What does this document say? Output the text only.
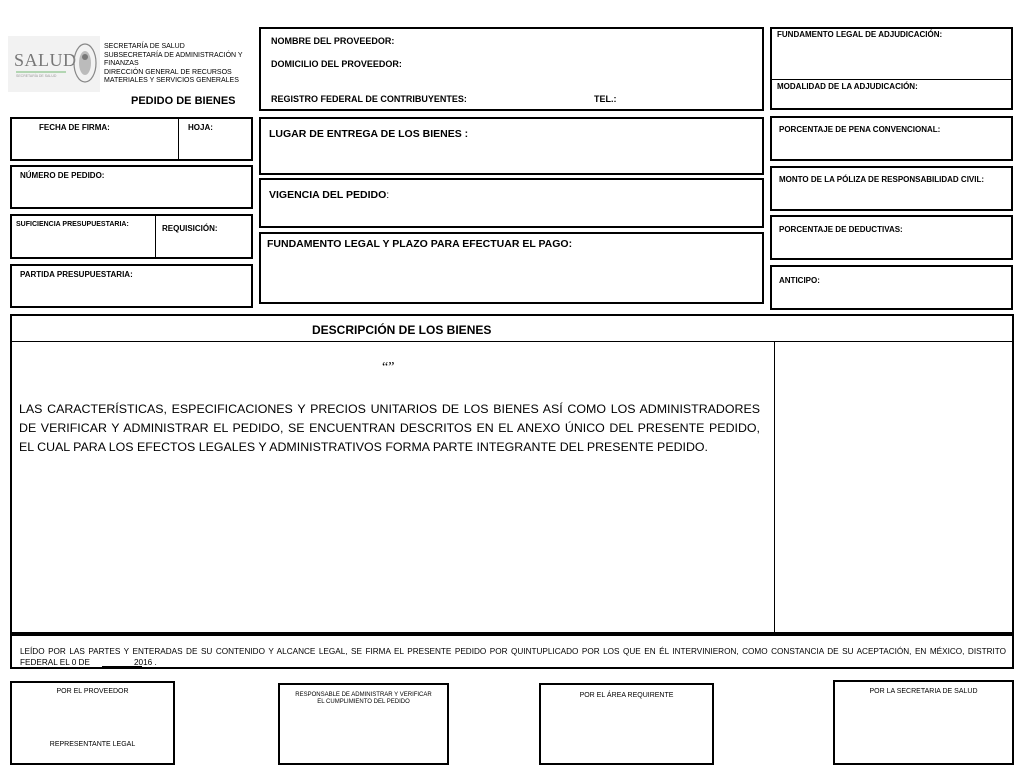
SALUD
SECRETARÍA DE SALUD
SECRETARÍA DE SALUD
SUBSECRETARÍA DE ADMINISTRACIÓN Y
FINANZAS
DIRECCIÓN GENERAL DE RECURSOS
MATERIALES Y SERVICIOS GENERALES
PEDIDO DE BIENES
NOMBRE DEL PROVEEDOR:
DOMICILIO DEL PROVEEDOR:
REGISTRO FEDERAL DE CONTRIBUYENTES:	TEL.:
FUNDAMENTO LEGAL DE ADJUDICACIÓN:
MODALIDAD DE LA ADJUDICACIÓN:
PORCENTAJE DE PENA CONVENCIONAL:
MONTO DE LA PÓLIZA DE RESPONSABILIDAD CIVIL:
PORCENTAJE DE DEDUCTIVAS:
ANTICIPO:
FECHA DE FIRMA:	HOJA:
NÚMERO DE PEDIDO:
SUFICIENCIA PRESUPUESTARIA:	REQUISICIÓN:
PARTIDA PRESUPUESTARIA:
LUGAR DE ENTREGA DE LOS BIENES :
VIGENCIA DEL PEDIDO:
FUNDAMENTO LEGAL Y PLAZO PARA EFECTUAR EL PAGO:
DESCRIPCIÓN DE LOS BIENES
“”
LAS CARACTERÍSTICAS, ESPECIFICACIONES Y PRECIOS UNITARIOS DE LOS BIENES ASÍ COMO LOS ADMINISTRADORES DE VERIFICAR Y ADMINISTRAR EL PEDIDO, SE ENCUENTRAN DESCRITOS EN EL ANEXO ÚNICO DEL PRESENTE PEDIDO, EL CUAL PARA LOS EFECTOS LEGALES Y ADMINISTRATIVOS FORMA PARTE INTEGRANTE DEL PRESENTE PEDIDO.
LEÍDO POR LAS PARTES Y ENTERADAS DE SU CONTENIDO Y ALCANCE LEGAL, SE FIRMA EL PRESENTE PEDIDO POR QUINTUPLICADO POR LOS QUE EN ÉL INTERVINIERON, COMO CONSTANCIA DE SU ACEPTACIÓN, EN MÉXICO, DISTRITO
FEDERAL EL 0 DE	2016 .
POR EL PROVEEDOR
REPRESENTANTE LEGAL
RESPONSABLE DE ADMINISTRAR Y VERIFICAR EL CUMPLIMIENTO DEL PEDIDO
POR EL ÁREA REQUIRENTE
POR LA SECRETARIA DE SALUD
